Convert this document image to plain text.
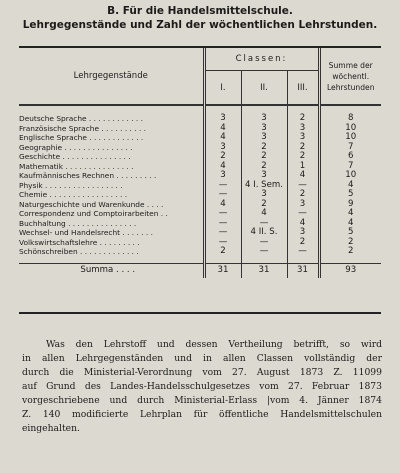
B. Für die Handelsmittelschule.
Lehrgegenstände und Zahl der wöchentlichen Lehrstunden.
Lehrgegenstände	Classen:			Summe der wöchentl. Lehrstunden
	I.	II.	III.	

Deutsche Sprache . . . . . . . . . . . .	3	3	2	8
Französische Sprache . . . . . . . . . .	4	3	3	10
Englische Sprache . . . . . . . . . . . .	4	3	3	10
Geographie . . . . . . . . . . . . . . .	3	2	2	7
Geschichte . . . . . . . . . . . . . . .	2	2	2	6
Mathematik . . . . . . . . . . . . . . .	4	2	1	7
Kaufmännisches Rechnen . . . . . . . . .	3	3	4	10
Physik . . . . . . . . . . . . . . . . .	—	4 I. Sem.	—	4
Chemie . . . . . . . . . . . . . . . . .	—	3	2	5
Naturgeschichte und Warenkunde . . . .	4	2	3	9
Correspondenz und Comptoirarbeiten . .	—	4	—	4
Buchhaltung . . . . . . . . . . . . . . .	—	—	4	4
Wechsel- und Handelsrecht . . . . . . .	—	4 II. S.	3	5
Volkswirtschaftslehre . . . . . . . . .	—	—	2	2
Schönschreiben . . . . . . . . . . . . .	2	—	—	2

Summa . . . .	31	31	31	93
Was den Lehrstoff und dessen Vertheilung betrifft, so wird
in allen Lehrgegenständen und in allen Classen vollständig der
durch die Ministerial-Verordnung vom 27. August 1873 Z. 11099
auf Grund des Landes-Handelsschulgesetzes vom 27. Februar 1873
vorgeschriebene und durch Ministerial-Erlass |vom 4. Jänner 1874
Z. 140 modificierte Lehrplan für öffentliche Handelsmittelschulen
eingehalten.
